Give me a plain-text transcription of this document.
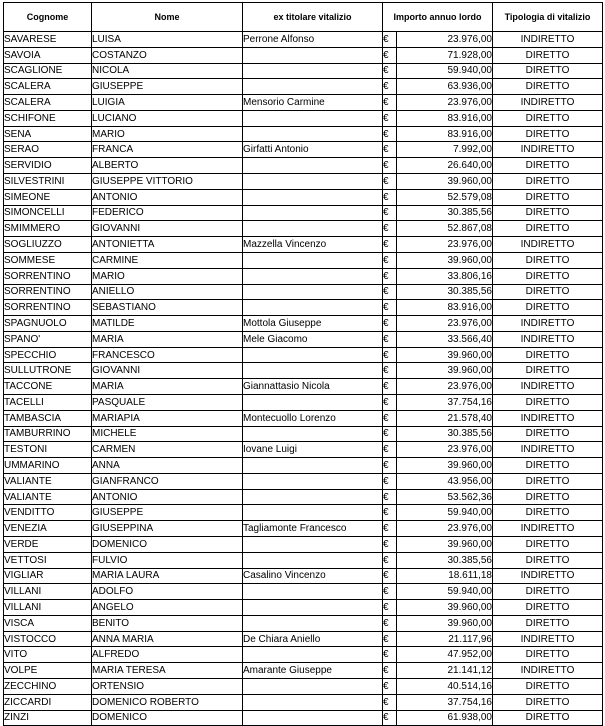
Cognome	Nome	ex titolare vitalizio	Importo annuo lordo		Tipologia di vitalizio
SAVARESE	LUISA	Perrone Alfonso	€	23.976,00	INDIRETTO
SAVOIA	COSTANZO		€	71.928,00	DIRETTO
SCAGLIONE	NICOLA		€	59.940,00	DIRETTO
SCALERA	GIUSEPPE		€	63.936,00	DIRETTO
SCALERA	LUIGIA	Mensorio Carmine	€	23.976,00	INDIRETTO
SCHIFONE	LUCIANO		€	83.916,00	DIRETTO
SENA	MARIO		€	83.916,00	DIRETTO
SERAO	FRANCA	Girfatti Antonio	€	7.992,00	INDIRETTO
SERVIDIO	ALBERTO		€	26.640,00	DIRETTO
SILVESTRINI	GIUSEPPE VITTORIO		€	39.960,00	DIRETTO
SIMEONE	ANTONIO		€	52.579,08	DIRETTO
SIMONCELLI	FEDERICO		€	30.385,56	DIRETTO
SMIMMERO	GIOVANNI		€	52.867,08	DIRETTO
SOGLIUZZO	ANTONIETTA	Mazzella Vincenzo	€	23.976,00	INDIRETTO
SOMMESE	CARMINE		€	39.960,00	DIRETTO
SORRENTINO	MARIO		€	33.806,16	DIRETTO
SORRENTINO	ANIELLO		€	30.385,56	DIRETTO
SORRENTINO	SEBASTIANO		€	83.916,00	DIRETTO
SPAGNUOLO	MATILDE	Mottola Giuseppe	€	23.976,00	INDIRETTO
SPANO'	MARIA	Mele Giacomo	€	33.566,40	INDIRETTO
SPECCHIO	FRANCESCO		€	39.960,00	DIRETTO
SULLUTRONE	GIOVANNI		€	39.960,00	DIRETTO
TACCONE	MARIA	Giannattasio Nicola	€	23.976,00	INDIRETTO
TACELLI	PASQUALE		€	37.754,16	DIRETTO
TAMBASCIA	MARIAPIA	Montecuollo Lorenzo	€	21.578,40	INDIRETTO
TAMBURRINO	MICHELE		€	30.385,56	DIRETTO
TESTONI	CARMEN	Iovane Luigi	€	23.976,00	INDIRETTO
UMMARINO	ANNA		€	39.960,00	DIRETTO
VALIANTE	GIANFRANCO		€	43.956,00	DIRETTO
VALIANTE	ANTONIO		€	53.562,36	DIRETTO
VENDITTO	GIUSEPPE		€	59.940,00	DIRETTO
VENEZIA	GIUSEPPINA	Tagliamonte Francesco	€	23.976,00	INDIRETTO
VERDE	DOMENICO		€	39.960,00	DIRETTO
VETTOSI	FULVIO		€	30.385,56	DIRETTO
VIGLIAR	MARIA LAURA	Casalino Vincenzo	€	18.611,18	INDIRETTO
VILLANI	ADOLFO		€	59.940,00	DIRETTO
VILLANI	ANGELO		€	39.960,00	DIRETTO
VISCA	BENITO		€	39.960,00	DIRETTO
VISTOCCO	ANNA MARIA	De Chiara Aniello	€	21.117,96	INDIRETTO
VITO	ALFREDO		€	47.952,00	DIRETTO
VOLPE	MARIA TERESA	Amarante Giuseppe	€	21.141,12	INDIRETTO
ZECCHINO	ORTENSIO		€	40.514,16	DIRETTO
ZICCARDI	DOMENICO ROBERTO		€	37.754,16	DIRETTO
ZINZI	DOMENICO		€	61.938,00	DIRETTO
